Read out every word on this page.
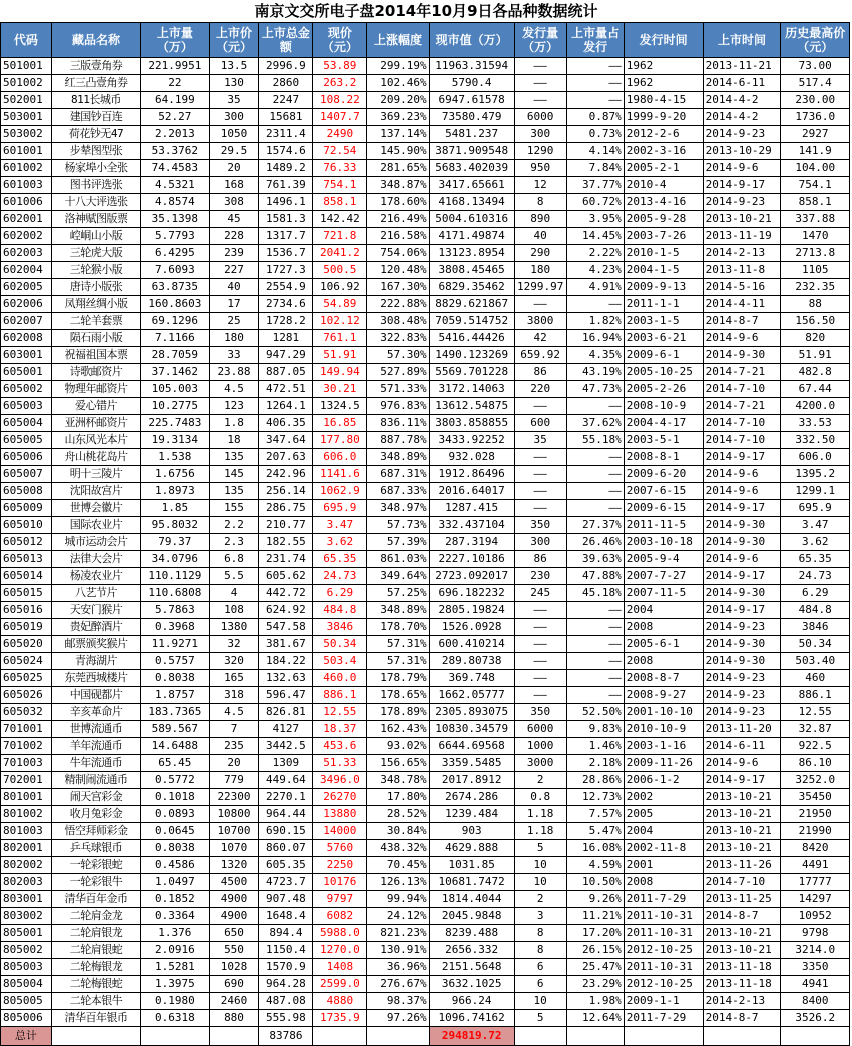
南京文交所电子盘2014年10月9日各品种数据统计
代码	藏品名称	上市量（万）	上市价（元）	上市总金额	现价（元）	上涨幅度	现市值（万）	发行量（万）	上市量占发行	发行时间	上市时间	历史最高价（元）
501001	三版壹角券	221.9951	13.5	2996.9	53.89	299.19%	11963.31594	——	——	1962	2013-11-21	73.00
501002	红三凸壹角券	22	130	2860	263.2	102.46%	5790.4	——	——	1962	2014-6-11	517.4
502001	811长城币	64.199	35	2247	108.22	209.20%	6947.61578	——	——	1980-4-15	2014-4-2	230.00
503001	建国钞百连	52.27	300	15681	1407.7	369.23%	73580.479	6000	0.87%	1999-9-20	2014-4-2	1736.0
503002	荷花钞无47	2.2013	1050	2311.4	2490	137.14%	5481.237	300	0.73%	2012-2-6	2014-9-23	2927
601001	步辇图型张	53.3762	29.5	1574.6	72.54	145.90%	3871.909548	1290	4.14%	2002-3-16	2013-10-29	141.9
601002	杨家埠小全张	74.4583	20	1489.2	76.33	281.65%	5683.402039	950	7.84%	2005-2-1	2014-9-6	104.00
601003	图书评选张	4.5321	168	761.39	754.1	348.87%	3417.65661	12	37.77%	2010-4	2014-9-17	754.1
601006	十八大评选张	4.8574	308	1496.1	858.1	178.60%	4168.13494	8	60.72%	2013-4-16	2014-9-23	858.1
602001	洛神赋图版票	35.1398	45	1581.3	142.42	216.49%	5004.610316	890	3.95%	2005-9-28	2013-10-21	337.88
602002	崆峒山小版	5.7793	228	1317.7	721.8	216.58%	4171.49874	40	14.45%	2003-7-26	2013-11-19	1470
602003	三轮虎大版	6.4295	239	1536.7	2041.2	754.06%	13123.8954	290	2.22%	2010-1-5	2014-2-13	2713.8
602004	三轮猴小版	7.6093	227	1727.3	500.5	120.48%	3808.45465	180	4.23%	2004-1-5	2013-11-8	1105
602005	唐诗小版张	63.8735	40	2554.9	106.92	167.30%	6829.35462	1299.97	4.91%	2009-9-13	2014-5-16	232.35
602006	凤翔丝绸小版	160.8603	17	2734.6	54.89	222.88%	8829.621867	——	——	2011-1-1	2014-4-11	88
602007	二轮羊套票	69.1296	25	1728.2	102.12	308.48%	7059.514752	3800	1.82%	2003-1-5	2014-8-7	156.50
602008	陨石雨小版	7.1166	180	1281	761.1	322.83%	5416.44426	42	16.94%	2003-6-21	2014-9-6	820
603001	祝福祖国本票	28.7059	33	947.29	51.91	57.30%	1490.123269	659.92	4.35%	2009-6-1	2014-9-30	51.91
605001	诗歌邮资片	37.1462	23.88	887.05	149.94	527.89%	5569.701228	86	43.19%	2005-10-25	2014-7-21	482.8
605002	物理年邮资片	105.003	4.5	472.51	30.21	571.33%	3172.14063	220	47.73%	2005-2-26	2014-7-10	67.44
605003	爱心错片	10.2775	123	1264.1	1324.5	976.83%	13612.54875	——	——	2008-10-9	2014-7-21	4200.0
605004	亚洲杯邮资片	225.7483	1.8	406.35	16.85	836.11%	3803.858855	600	37.62%	2004-4-17	2014-7-10	33.53
605005	山东风光本片	19.3134	18	347.64	177.80	887.78%	3433.92252	35	55.18%	2003-5-1	2014-7-10	332.50
605006	舟山桃花岛片	1.538	135	207.63	606.0	348.89%	932.028	——	——	2008-8-1	2014-9-17	606.0
605007	明十三陵片	1.6756	145	242.96	1141.6	687.31%	1912.86496	——	——	2009-6-20	2014-9-6	1395.2
605008	沈阳故宫片	1.8973	135	256.14	1062.9	687.33%	2016.64017	——	——	2007-6-15	2014-9-6	1299.1
605009	世博会徽片	1.85	155	286.75	695.9	348.97%	1287.415	——	——	2009-6-15	2014-9-17	695.9
605010	国际农业片	95.8032	2.2	210.77	3.47	57.73%	332.437104	350	27.37%	2011-11-5	2014-9-30	3.47
605012	城市运动会片	79.37	2.3	182.55	3.62	57.39%	287.3194	300	26.46%	2003-10-18	2014-9-30	3.62
605013	法律大会片	34.0796	6.8	231.74	65.35	861.03%	2227.10186	86	39.63%	2005-9-4	2014-9-6	65.35
605014	杨凌农业片	110.1129	5.5	605.62	24.73	349.64%	2723.092017	230	47.88%	2007-7-27	2014-9-17	24.73
605015	八艺节片	110.6808	4	442.72	6.29	57.25%	696.182232	245	45.18%	2007-11-5	2014-9-30	6.29
605016	天安门猴片	5.7863	108	624.92	484.8	348.89%	2805.19824	——	——	2004	2014-9-17	484.8
605019	贵妃醉酒片	0.3968	1380	547.58	3846	178.70%	1526.0928	——	——	2008	2014-9-23	3846
605020	邮票颁奖猴片	11.9271	32	381.67	50.34	57.31%	600.410214	——	——	2005-6-1	2014-9-30	50.34
605024	青海湖片	0.5757	320	184.22	503.4	57.31%	289.80738	——	——	2008	2014-9-30	503.40
605025	东莞西城楼片	0.8038	165	132.63	460.0	178.79%	369.748	——	——	2008-8-7	2014-9-23	460
605026	中国砚都片	1.8757	318	596.47	886.1	178.65%	1662.05777	——	——	2008-9-27	2014-9-23	886.1
605032	辛亥革命片	183.7365	4.5	826.81	12.55	178.89%	2305.893075	350	52.50%	2001-10-10	2014-9-23	12.55
701001	世博流通币	589.567	7	4127	18.37	162.43%	10830.34579	6000	9.83%	2010-10-9	2013-11-20	32.87
701002	羊年流通币	14.6488	235	3442.5	453.6	93.02%	6644.69568	1000	1.46%	2003-1-16	2014-6-11	922.5
701003	牛年流通币	65.45	20	1309	51.33	156.65%	3359.5485	3000	2.18%	2009-11-26	2014-9-6	86.10
702001	精制闹流通币	0.5772	779	449.64	3496.0	348.78%	2017.8912	2	28.86%	2006-1-2	2014-9-17	3252.0
801001	闹天宫彩金	0.1018	22300	2270.1	26270	17.80%	2674.286	0.8	12.73%	2002	2013-10-21	35450
801002	收月兔彩金	0.0893	10800	964.44	13880	28.52%	1239.484	1.18	7.57%	2005	2013-10-21	21950
801003	悟空拜师彩金	0.0645	10700	690.15	14000	30.84%	903	1.18	5.47%	2004	2013-10-21	21990
802001	乒乓球银币	0.8038	1070	860.07	5760	438.32%	4629.888	5	16.08%	2002-11-8	2013-10-21	8420
802002	一轮彩银蛇	0.4586	1320	605.35	2250	70.45%	1031.85	10	4.59%	2001	2013-11-26	4491
802003	一轮彩银牛	1.0497	4500	4723.7	10176	126.13%	10681.7472	10	10.50%	2008	2014-7-10	17777
803001	清华百年金币	0.1852	4900	907.48	9797	99.94%	1814.4044	2	9.26%	2011-7-29	2013-11-25	14297
803002	二轮肩金龙	0.3364	4900	1648.4	6082	24.12%	2045.9848	3	11.21%	2011-10-31	2014-8-7	10952
805001	二轮肩银龙	1.376	650	894.4	5988.0	821.23%	8239.488	8	17.20%	2011-10-31	2013-10-21	9798
805002	二轮肩银蛇	2.0916	550	1150.4	1270.0	130.91%	2656.332	8	26.15%	2012-10-25	2013-10-21	3214.0
805003	二轮梅银龙	1.5281	1028	1570.9	1408	36.96%	2151.5648	6	25.47%	2011-10-31	2013-11-18	3350
805004	二轮梅银蛇	1.3975	690	964.28	2599.0	276.67%	3632.1025	6	23.29%	2012-10-25	2013-11-18	4941
805005	二轮本银牛	0.1980	2460	487.08	4880	98.37%	966.24	10	1.98%	2009-1-1	2014-2-13	8400
805006	清华百年银币	0.6318	880	555.98	1735.9	97.26%	1096.74162	5	12.64%	2011-7-29	2014-8-7	3526.2
总计				83786			294819.72					
